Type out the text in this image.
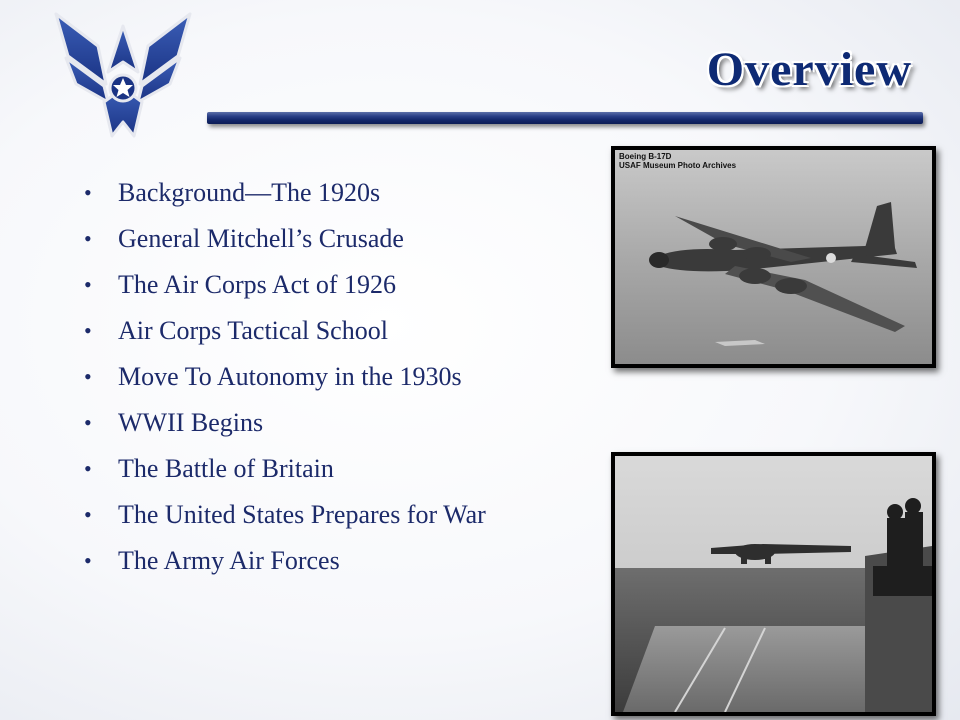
Overview
• Background—The 1920s
• General Mitchell’s Crusade
• The Air Corps Act of 1926
• Air Corps Tactical School
• Move To Autonomy in the 1930s
• WWII Begins
• The Battle of Britain
• The United States Prepares for War
• The Army Air Forces
Boeing B-17D
USAF Museum Photo Archives
